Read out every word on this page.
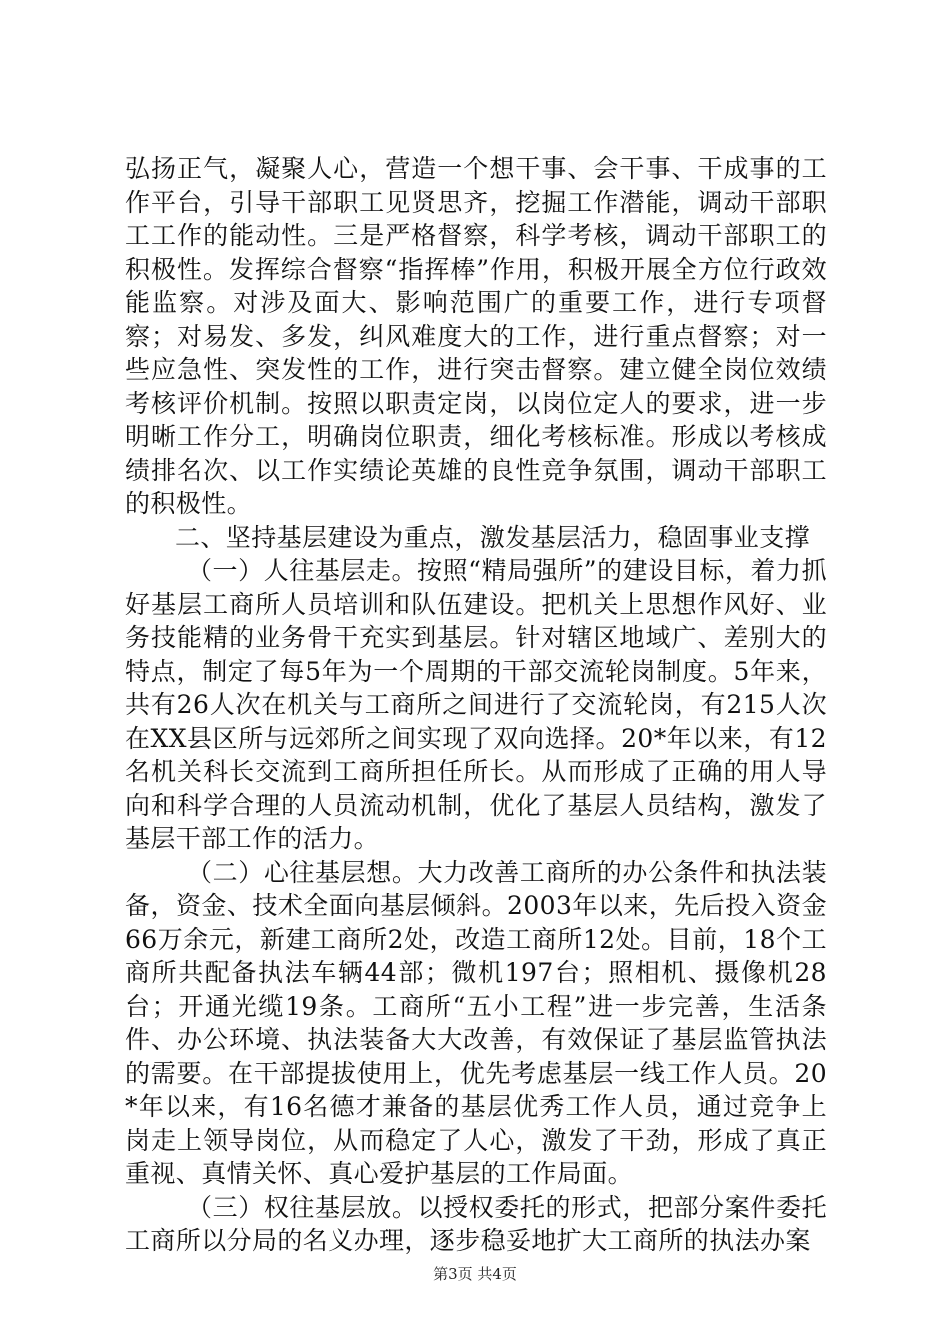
弘扬正气，凝聚人心，营造一个想干事、会干事、干成事的工作平台，引导干部职工见贤思齐，挖掘工作潜能，调动干部职工工作的能动性。三是严格督察，科学考核，调动干部职工的积极性。发挥综合督察“指挥棒”作用，积极开展全方位行政效能监察。对涉及面大、影响范围广的重要工作，进行专项督察；对易发、多发，纠风难度大的工作，进行重点督察；对一些应急性、突发性的工作，进行突击督察。建立健全岗位效绩考核评价机制。按照以职责定岗，以岗位定人的要求，进一步明晰工作分工，明确岗位职责，细化考核标准。形成以考核成绩排名次、以工作实绩论英雄的良性竞争氛围，调动干部职工的积极性。

二、坚持基层建设为重点，激发基层活力，稳固事业支撑

（一）人往基层走。按照“精局强所”的建设目标，着力抓好基层工商所人员培训和队伍建设。把机关上思想作风好、业务技能精的业务骨干充实到基层。针对辖区地域广、差别大的特点，制定了每5年为一个周期的干部交流轮岗制度。5年来，共有26人次在机关与工商所之间进行了交流轮岗，有215人次在XX县区所与远郊所之间实现了双向选择。20*年以来，有12名机关科长交流到工商所担任所长。从而形成了正确的用人导向和科学合理的人员流动机制，优化了基层人员结构，激发了基层干部工作的活力。

（二）心往基层想。大力改善工商所的办公条件和执法装备，资金、技术全面向基层倾斜。2003年以来，先后投入资金66万余元，新建工商所2处，改造工商所12处。目前，18个工商所共配备执法车辆44部；微机197台；照相机、摄像机28台；开通光缆19条。工商所“五小工程”进一步完善，生活条件、办公环境、执法装备大大改善，有效保证了基层监管执法的需要。在干部提拔使用上，优先考虑基层一线工作人员。20*年以来，有16名德才兼备的基层优秀工作人员，通过竞争上岗走上领导岗位，从而稳定了人心，激发了干劲，形成了真正重视、真情关怀、真心爱护基层的工作局面。

（三）权往基层放。以授权委托的形式，把部分案件委托工商所以分局的名义办理，逐步稳妥地扩大工商所的执法办案

第3页 共4页
